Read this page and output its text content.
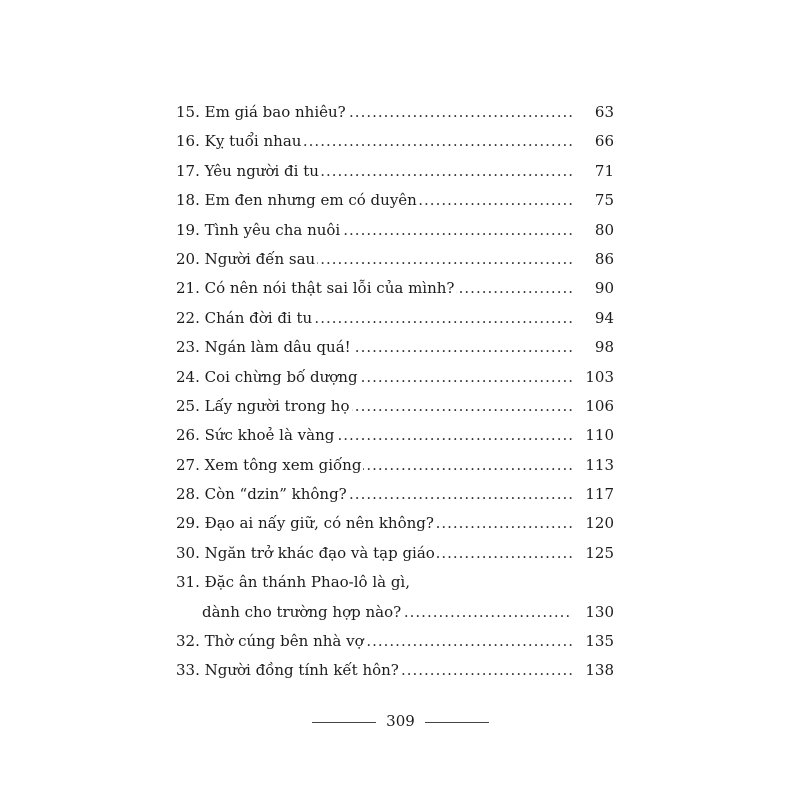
.....
15. Em giá bao nhiêu?	63
.....
16. Kỵ tuổi nhau	66
.....
17. Yêu người đi tu	71
.....
18. Em đen nhưng em có duyên	75
.....
19. Tình yêu cha nuôi	80
.....
20. Người đến sau	86
.....
21. Có nên nói thật sai lỗi của mình?	90
.....
22. Chán đời đi tu	94
.....
23. Ngán làm dâu quá!	98
.....
24. Coi chừng bố dượng	103
.....
25. Lấy người trong họ	106
.....
26. Sức khoẻ là vàng	110
.....
27. Xem tông xem giống	113
.....
28. Còn “dzin” không?	117
.....
29. Đạo ai nấy giữ, có nên không?	120
.....
30. Ngăn trở khác đạo và tạp giáo	125
31. Đặc ân thánh Phao-lô là gì,
.....
dành cho trường hợp nào?	130
.....
32. Thờ cúng bên nhà vợ	135
.....
33. Người đồng tính kết hôn?	138
309
